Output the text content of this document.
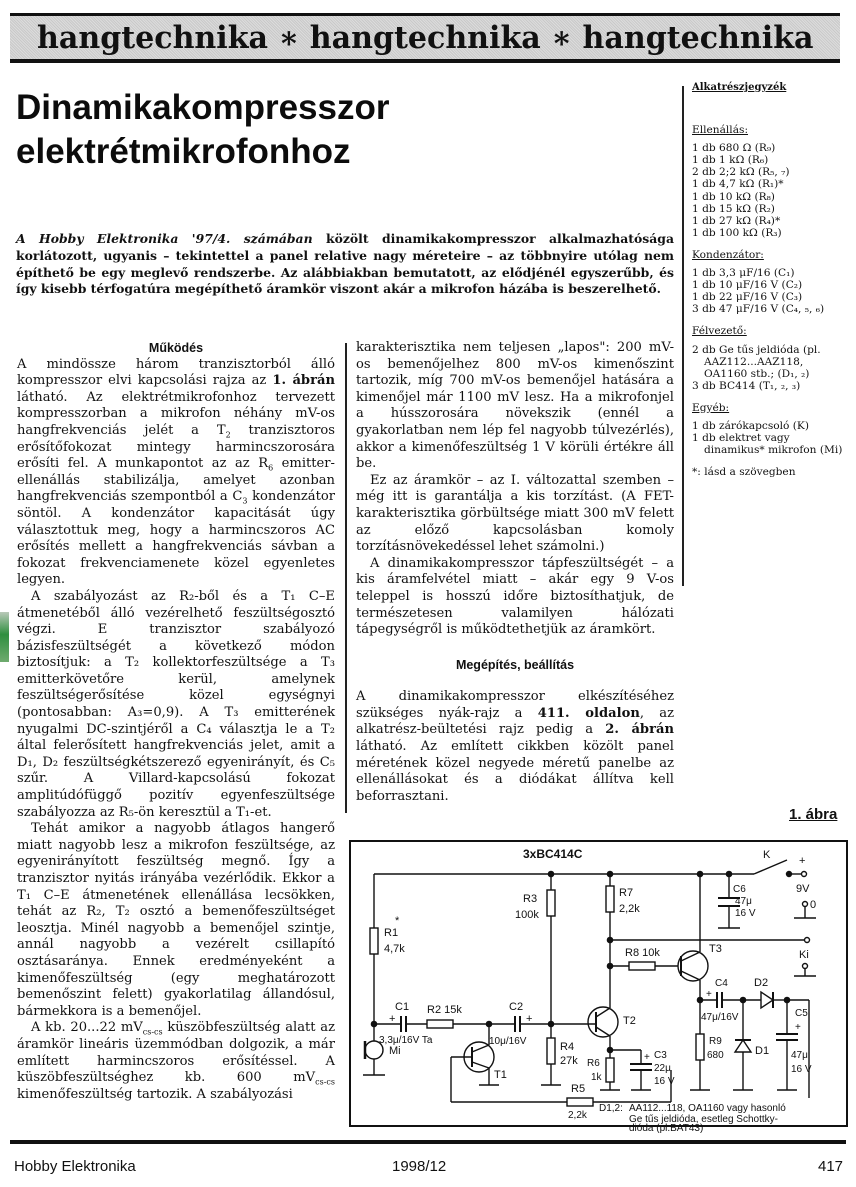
hangtechnika ∗ hangtechnika ∗ hangtechnika
Dinamikakompresszor
elektrétmikrofonhoz
A Hobby Elektronika '97/4. számában közölt dinamikakompresszor alkalmazhatósága korlátozott, ugyanis – tekintettel a panel relative nagy méreteire – az többnyire utólag nem építhető be egy meglevő rendszerbe. Az alábbiakban bemutatott, az elődjénél egyszerűbb, és így kisebb térfogatúra megépíthető áramkör viszont akár a mikrofon házába is beszerelhető.

Működés

A mindössze három tranzisztorból álló kompresszor elvi kapcsolási rajza az 1. ábrán látható. Az elektrétmikrofonhoz tervezett kompresszorban a mikrofon néhány mV-os hangfrekvenciás jelét a $T_2$ tranzisztoros erősítőfokozat mintegy harmincszorosára erősíti fel. A munkapontot az az $R_6$ emitter-ellenállás stabilizálja, amelyet azonban hangfrekvenciás szempontból a $C_3$ kondenzátor söntöl. A kondenzátor kapacitását úgy választottuk meg, hogy a harmincszoros AC erősítés mellett a hangfrekvenciás sávban a fokozat frekvenciamenete közel egyenletes legyen.

A szabályozást az R₂-ből és a T₁ C–E átmenetéből álló vezérelhető feszültségosztó végzi. E tranzisztor szabályozó bázisfeszültségét a következő módon biztosítjuk: a T₂ kollektorfeszültsége a T₃ emitterkövetőre kerül, amelynek feszültségerősítése közel egységnyi (pontosabban: A₃=0,9). A T₃ emitterének nyugalmi DC-szintjéről a C₄ választja le a T₂ által felerősített hangfrekvenciás jelet, amit a D₁, D₂ feszültségkétszerező egyenirányít, és C₅ szűr. A Villard-kapcsolású fokozat amplitúdófüggő pozitív egyenfeszültsége szabályozza az R₅-ön keresztül a T₁-et.

Tehát amikor a nagyobb átlagos hangerő miatt nagyobb lesz a mikrofon feszültsége, az egyenirányított feszültség megnő. Így a tranzisztor nyitás irányába vezérlődik. Ekkor a T₁ C–E átmenetének ellenállása lecsökken, tehát az R₂, T₂ osztó a bemenőfeszültséget leosztja. Minél nagyobb a bemenőjel szintje, annál nagyobb a vezérelt csillapító osztásaránya. Ennek eredményeként a kimenőfeszültség (egy meghatározott bemenőszint felett) gyakorlatilag állandósul, bármekkora is a bemenőjel.

A kb. 20...22 $mV_{cs-cs}$ küszöbfeszültség alatt az áramkör lineáris üzemmódban dolgozik, a már említett harmincszoros erősítéssel. A küszöbfeszültséghez kb. 600 $mV_{cs-cs}$ kimenőfeszültség tartozik. A szabályozási

karakterisztika nem teljesen „lapos": 200 mV-os bemenőjelhez 800 mV-os kimenőszint tartozik, míg 700 mV-os bemenőjel hatására a kimenőjel már 1100 mV lesz. Ha a mikrofonjel a hússzorosára növekszik (ennél a gyakorlatban nem lép fel nagyobb túlvezérlés), akkor a kimenőfeszültség 1 V körüli értékre áll be.

Ez az áramkör – az I. változattal szemben – még itt is garantálja a kis torzítást. (A FET-karakterisztika görbültsége miatt 300 mV felett az előző kapcsolásban komoly torzításnövekedéssel lehet számolni.)

A dinamikakompresszor tápfeszültségét – a kis áramfelvétel miatt – akár egy 9 V-os teleppel is hosszú időre biztosíthatjuk, de természetesen valamilyen hálózati tápegységről is működtethetjük az áramkört.

Megépítés, beállítás

A dinamikakompresszor elkészítéséhez szükséges nyák-rajz a 411. oldalon, az alkatrész-beültetési rajz pedig a 2. ábrán látható. Az említett cikkben közölt panel méretének közel negyede méretű panelbe az ellenállásokat és a diódákat állítva kell beforrasztani.

Alkatrészjegyzék
Ellenállás:
1 db 680 Ω (R₉)
1 db 1 kΩ (R₆)
2 db 2;2 kΩ (R₅, ₇)
1 db 4,7 kΩ (R₁)*
1 db 10 kΩ (R₈)
1 db 15 kΩ (R₂)
1 db 27 kΩ (R₄)*
1 db 100 kΩ (R₃)
Kondenzátor:
1 db 3,3 μF/16 (C₁)
1 db 10 μF/16 V (C₂)
1 db 22 μF/16 V (C₃)
3 db 47 μF/16 V (C₄, ₅, ₆)
Félvezető:
2 db Ge tűs jeldióda (pl. AAZ112...AAZ118, OA1160 stb.; (D₁, ₂)
3 db BC414 (T₁, ₂, ₃)
Egyéb:
1 db zárókapcsoló (K)
1 db elektret vagy dinamikus* mikrofon (Mi)
*: lásd a szövegben
1. ábra
3xBC414C	K	+
9V
0
C6
47μ
16 V
R1
*
4,7k
Mi
C1
+
3,3μ/16V Ta
R2 15k	C2
+
10μ/16V
T1
R5
2,2k
R3
100k
R4
27k
R7
2,2k
Ki
R8 10k	T3
T2
R6
1k
+ C3
22μ
16 V
C4
+
47μ/16V
R9
680	D1
D2
C5
+
47μ
16 V
D1,2: AA112...118, OA1160 vagy hasonló
Ge tűs jeldióda, esetleg Schottky-
dióda (pl.BAT43)
Hobby Elektronika	1998/12	417
